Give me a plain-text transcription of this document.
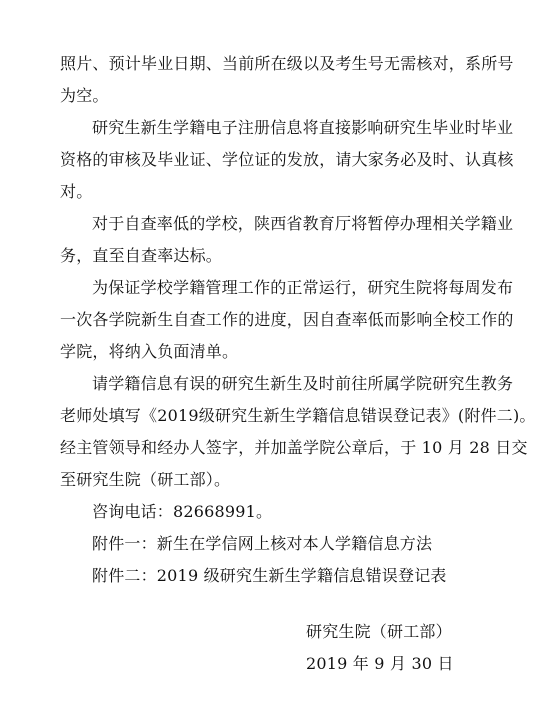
照片、预计毕业日期、当前所在级以及考生号无需核对，系所号
为空。
研究生新生学籍电子注册信息将直接影响研究生毕业时毕业
资格的审核及毕业证、学位证的发放，请大家务必及时、认真核
对。
对于自查率低的学校，陕西省教育厅将暂停办理相关学籍业
务，直至自查率达标。
为保证学校学籍管理工作的正常运行，研究生院将每周发布
一次各学院新生自查工作的进度，因自查率低而影响全校工作的
学院，将纳入负面清单。
请学籍信息有误的研究生新生及时前往所属学院研究生教务
老师处填写《2019级研究生新生学籍信息错误登记表》(附件二)。
经主管领导和经办人签字，并加盖学院公章后，于 10 月 28 日交
至研究生院（研工部）。
咨询电话：82668991。
附件一：新生在学信网上核对本人学籍信息方法
附件二：2019 级研究生新生学籍信息错误登记表
研究生院（研工部）
2019 年 9 月 30 日
